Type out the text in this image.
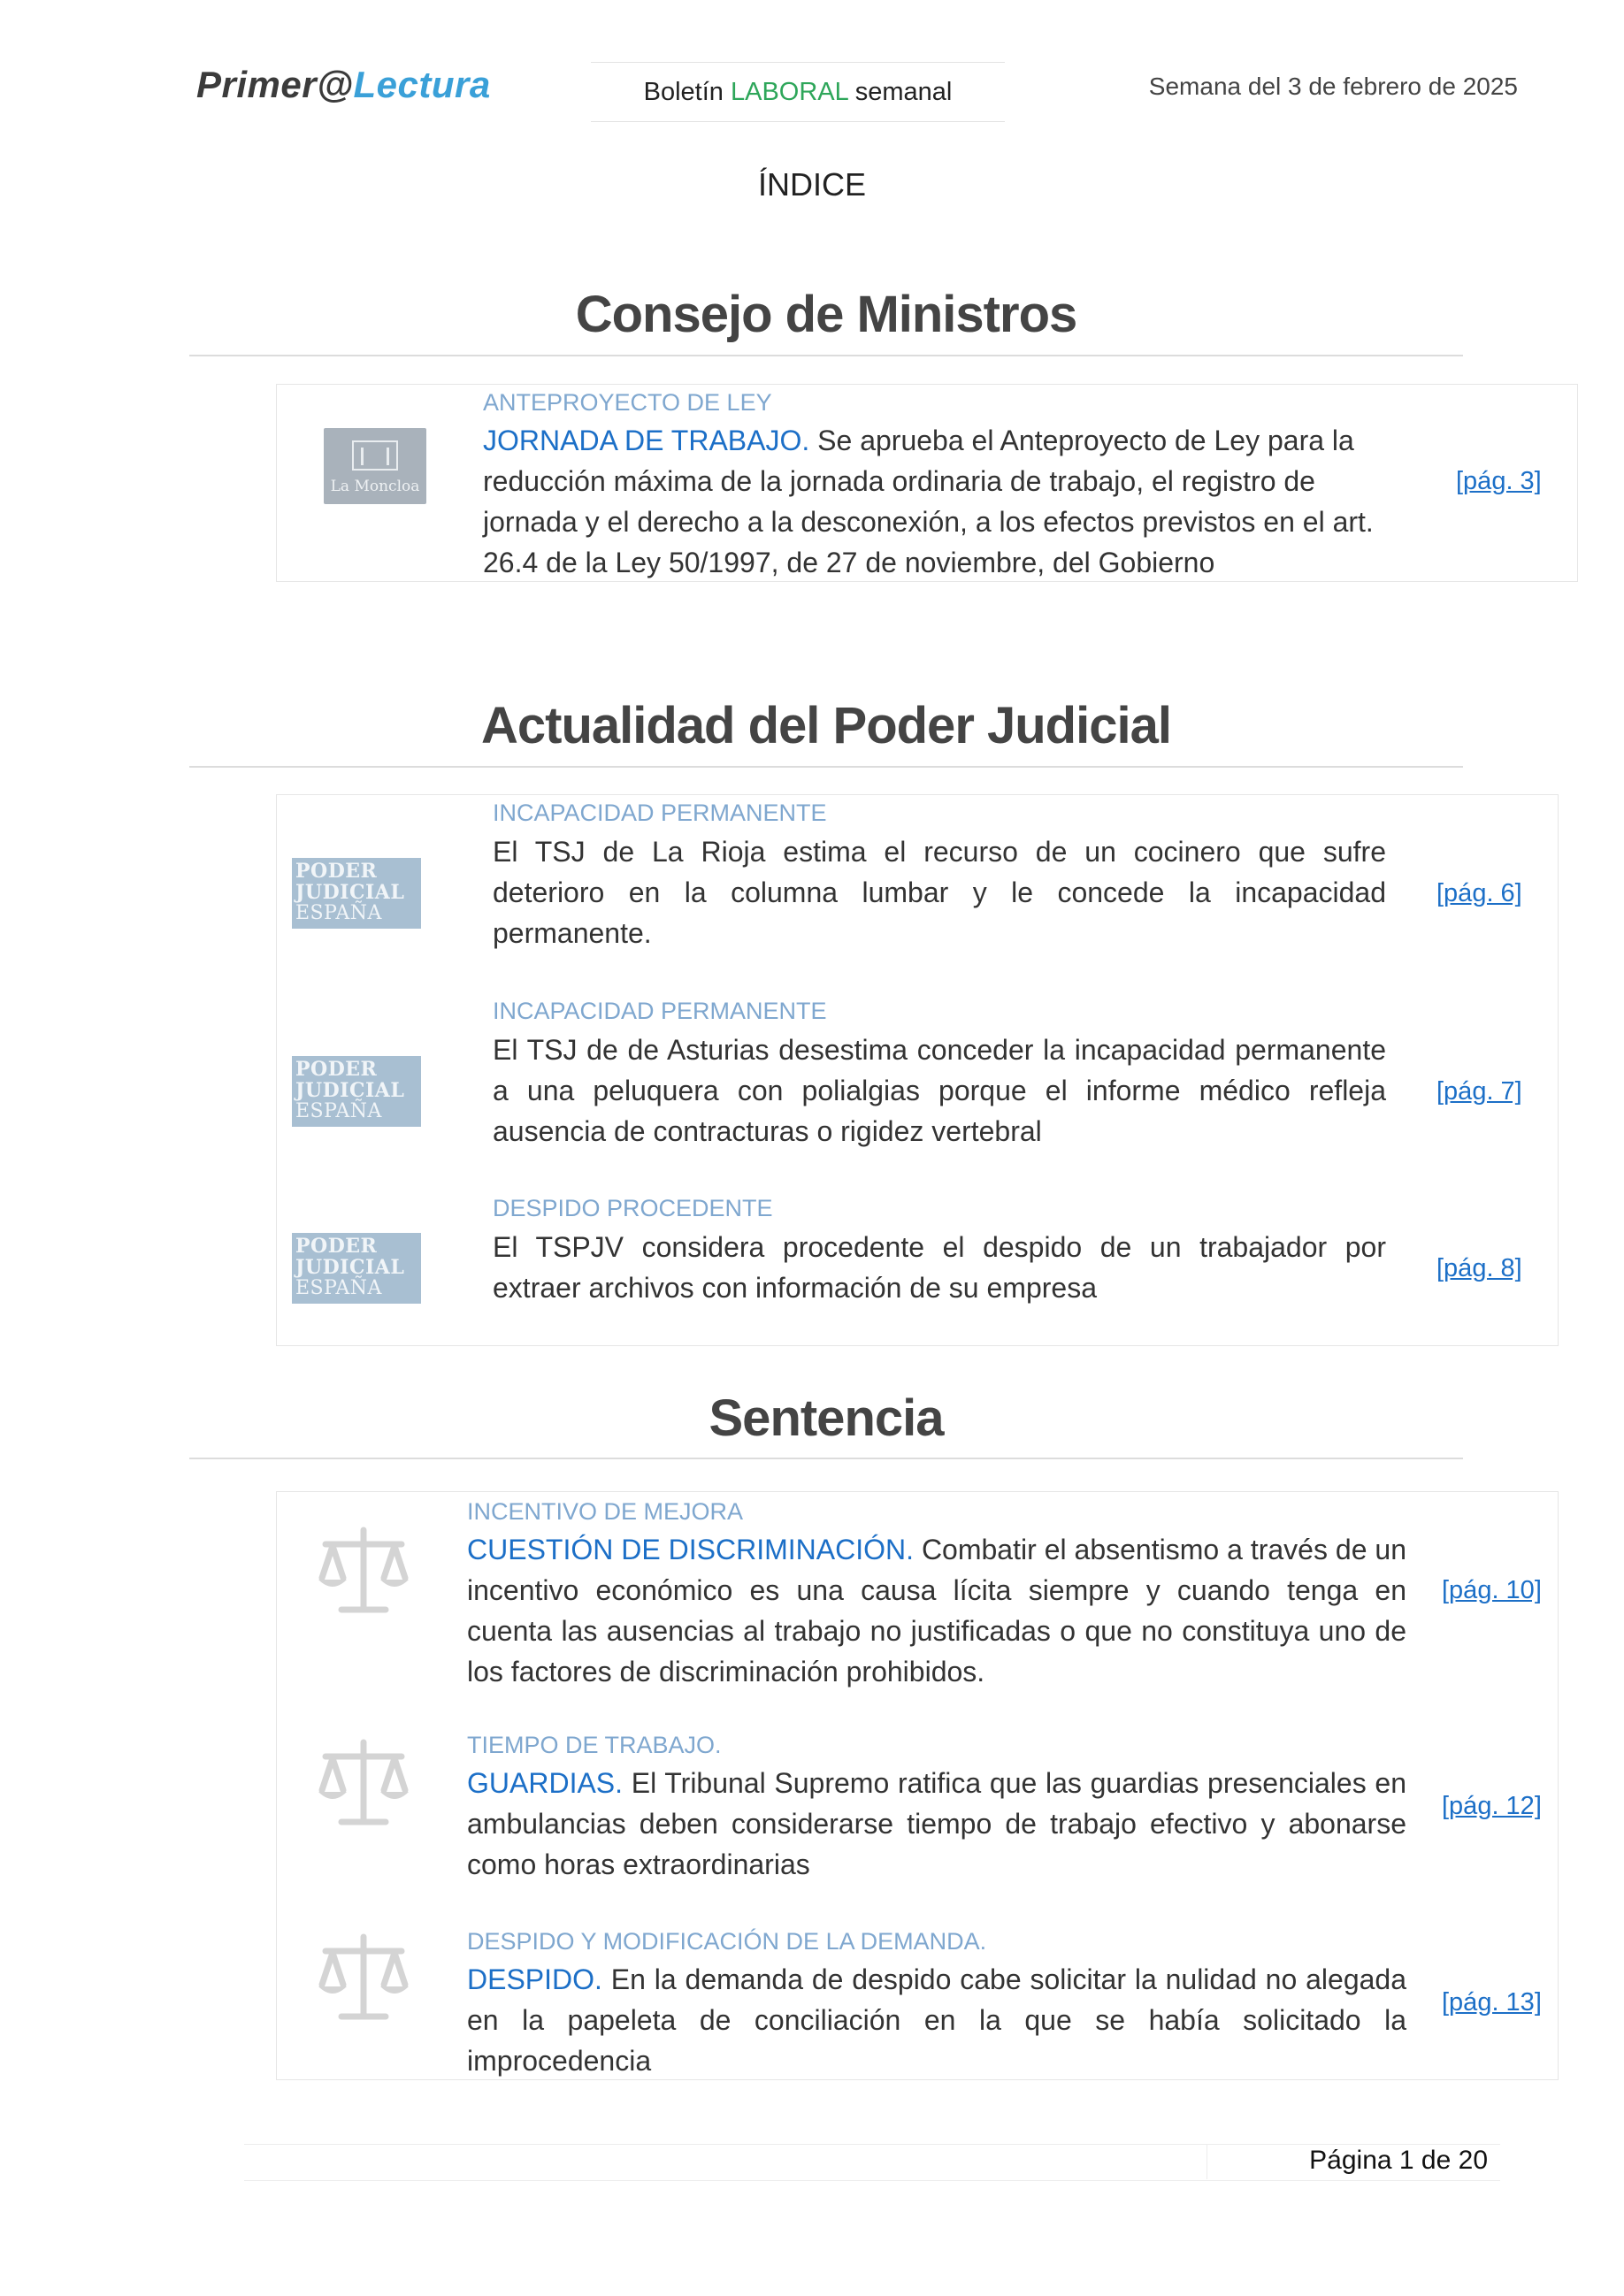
Primer@Lectura	Boletín LABORAL semanal	Semana del 3 de febrero de 2025
ÍNDICE
Consejo de Ministros
La Moncloa
ANTEPROYECTO DE LEY
JORNADA DE TRABAJO. Se aprueba el Anteproyecto de Ley para la reducción máxima de la jornada ordinaria de trabajo, el registro de jornada y el derecho a la desconexión, a los efectos previstos en el art. 26.4 de la Ley 50/1997, de 27 de noviembre, del Gobierno
[pág. 3]
Actualidad del Poder Judicial
PODER
JUDICIAL
ESPAÑA
INCAPACIDAD PERMANENTE
El TSJ de La Rioja estima el recurso de un cocinero que sufre deterioro en la columna lumbar y le concede la incapacidad permanente.
[pág. 6]
PODER
JUDICIAL
ESPAÑA
INCAPACIDAD PERMANENTE
El TSJ de de Asturias desestima conceder la incapacidad permanente a una peluquera con polialgias porque el informe médico refleja ausencia de contracturas o rigidez vertebral
[pág. 7]
PODER
JUDICIAL
ESPAÑA
DESPIDO PROCEDENTE
El TSPJV considera procedente el despido de un trabajador por extraer archivos con información de su empresa
[pág. 8]
Sentencia
INCENTIVO DE MEJORA
CUESTIÓN DE DISCRIMINACIÓN. Combatir el absentismo a través de un incentivo económico es una causa lícita siempre y cuando tenga en cuenta las ausencias al trabajo no justificadas o que no constituya uno de los factores de discriminación prohibidos.
[pág. 10]
TIEMPO DE TRABAJO.
GUARDIAS. El Tribunal Supremo ratifica que las guardias presenciales en ambulancias deben considerarse tiempo de trabajo efectivo y abonarse como horas extraordinarias
[pág. 12]
DESPIDO Y MODIFICACIÓN DE LA DEMANDA.
DESPIDO. En la demanda de despido cabe solicitar la nulidad no alegada en la papeleta de conciliación en la que se había solicitado la improcedencia
[pág. 13]
Página 1 de 20
